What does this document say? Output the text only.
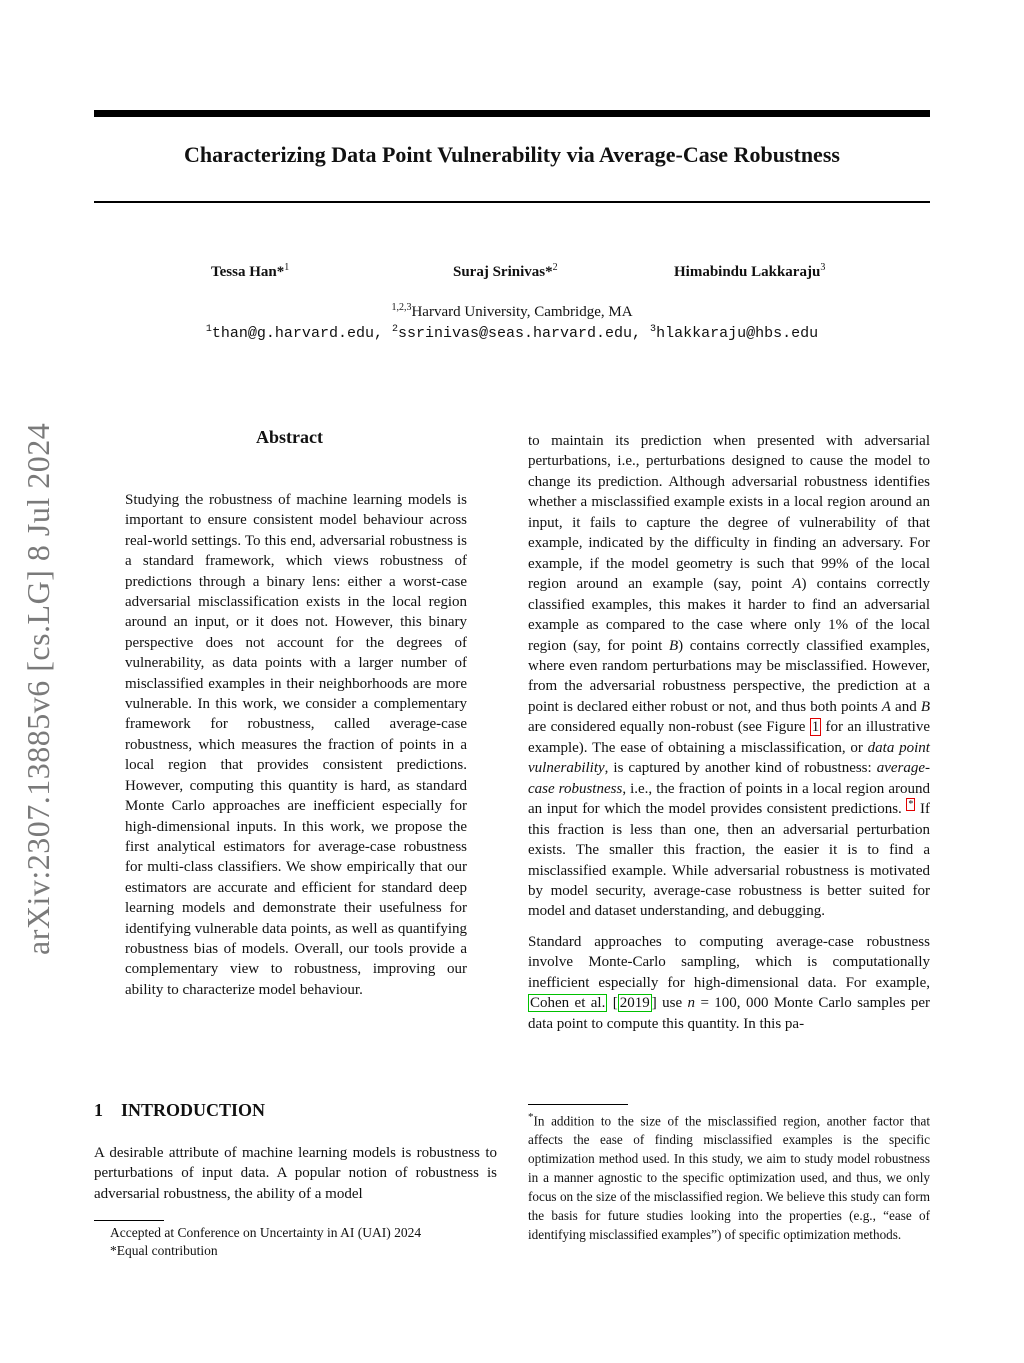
Characterizing Data Point Vulnerability via Average-Case Robustness
Tessa Han*$^1$	Suraj Srinivas*$^2$	Himabindu Lakkaraju$^3$
$^{1,2,3}$Harvard University, Cambridge, MA
$^1$than@g.harvard.edu, $^2$ssrinivas@seas.harvard.edu, $^3$hlakkaraju@hbs.edu
arXiv:2307.13885v6 [cs.LG] 8 Jul 2024	Abstract
Studying the robustness of machine learning models is important to ensure consistent model behaviour across real-world settings. To this end, adversarial robustness is a standard framework, which views robustness of predictions through a binary lens: either a worst-case adversarial misclassification exists in the local region around an input, or it does not. However, this binary perspective does not account for the degrees of vulnerability, as data points with a larger number of misclassified examples in their neighborhoods are more vulnerable. In this work, we consider a complementary framework for robustness, called average-case robustness, which measures the fraction of points in a local region that provides consistent predictions. However, computing this quantity is hard, as standard Monte Carlo approaches are inefficient especially for high-dimensional inputs. In this work, we propose the first analytical estimators for average-case robustness for multi-class classifiers. We show empirically that our estimators are accurate and efficient for standard deep learning models and demonstrate their usefulness for identifying vulnerable data points, as well as quantifying robustness bias of models. Overall, our tools provide a complementary view to robustness, improving our ability to characterize model behaviour.
1 INTRODUCTION
A desirable attribute of machine learning models is robustness to perturbations of input data. A popular notion of robustness is adversarial robustness, the ability of a model
Accepted at Conference on Uncertainty in AI (UAI) 2024
*Equal contribution

to maintain its prediction when presented with adversarial perturbations, i.e., perturbations designed to cause the model to change its prediction. Although adversarial robustness identifies whether a misclassified example exists in a local region around an input, it fails to capture the degree of vulnerability of that example, indicated by the difficulty in finding an adversary. For example, if the model geometry is such that 99% of the local region around an example (say, point A) contains correctly classified examples, this makes it harder to find an adversarial example as compared to the case where only 1% of the local region (say, for point B) contains correctly classified examples, where even random perturbations may be misclassified. However, from the adversarial robustness perspective, the prediction at a point is declared either robust or not, and thus both points A and B are considered equally non-robust (see Figure 1 for an illustrative example). The ease of obtaining a misclassification, or data point vulnerability, is captured by another kind of robustness: average-case robustness, i.e., the fraction of points in a local region around an input for which the model provides consistent predictions. * If this fraction is less than one, then an adversarial perturbation exists. The smaller this fraction, the easier it is to find a misclassified example. While adversarial robustness is motivated by model security, average-case robustness is better suited for model and dataset understanding, and debugging.

Standard approaches to computing average-case robustness involve Monte-Carlo sampling, which is computationally inefficient especially for high-dimensional data. For example, Cohen et al. [ 2019 ] use n = 100, 000 Monte Carlo samples per data point to compute this quantity. In this pa-

*In addition to the size of the misclassified region, another factor that affects the ease of finding misclassified examples is the specific optimization method used. In this study, we aim to study model robustness in a manner agnostic to the specific optimization used, and thus, we only focus on the size of the misclassified region. We believe this study can form the basis for future studies looking into the properties (e.g., “ease of identifying misclassified examples”) of specific optimization methods.
